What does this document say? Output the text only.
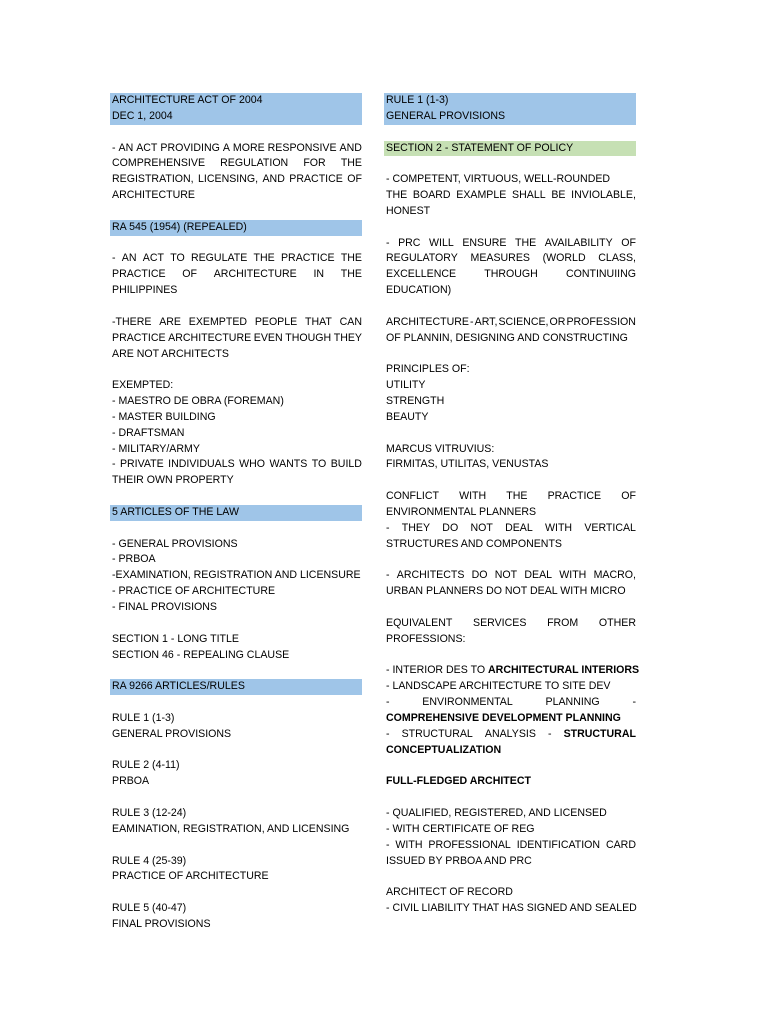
ARCHITECTURE ACT OF 2004
DEC 1, 2004
- AN ACT PROVIDING A MORE RESPONSIVE AND
COMPREHENSIVE REGULATION FOR THE
REGISTRATION, LICENSING, AND PRACTICE OF
ARCHITECTURE
RA 545 (1954) (REPEALED)
- AN ACT TO REGULATE THE PRACTICE THE
PRACTICE OF ARCHITECTURE IN THE
PHILIPPINES
-THERE ARE EXEMPTED PEOPLE THAT CAN
PRACTICE ARCHITECTURE EVEN THOUGH THEY
ARE NOT ARCHITECTS
EXEMPTED:
- MAESTRO DE OBRA (FOREMAN)
- MASTER BUILDING
- DRAFTSMAN
- MILITARY/ARMY
- PRIVATE INDIVIDUALS WHO WANTS TO BUILD
THEIR OWN PROPERTY
5 ARTICLES OF THE LAW
- GENERAL PROVISIONS
- PRBOA
-EXAMINATION, REGISTRATION AND LICENSURE
- PRACTICE OF ARCHITECTURE
- FINAL PROVISIONS
SECTION 1 - LONG TITLE
SECTION 46 - REPEALING CLAUSE
RA 9266 ARTICLES/RULES
RULE 1 (1-3)
GENERAL PROVISIONS
RULE 2 (4-11)
PRBOA
RULE 3 (12-24)
EAMINATION, REGISTRATION, AND LICENSING
RULE 4 (25-39)
PRACTICE OF ARCHITECTURE
RULE 5 (40-47)
FINAL PROVISIONS
RULE 1 (1-3)
GENERAL PROVISIONS
SECTION 2 - STATEMENT OF POLICY
- COMPETENT, VIRTUOUS, WELL-ROUNDED
THE BOARD EXAMPLE SHALL BE INVIOLABLE,
HONEST
- PRC WILL ENSURE THE AVAILABILITY OF
REGULATORY MEASURES (WORLD CLASS,
EXCELLENCE	THROUGH	CONTINUIING
EDUCATION)
ARCHITECTURE - ART, SCIENCE, OR PROFESSION
OF PLANNIN, DESIGNING AND CONSTRUCTING
PRINCIPLES OF:
UTILITY
STRENGTH
BEAUTY
MARCUS VITRUVIUS:
FIRMITAS, UTILITAS, VENUSTAS
CONFLICT WITH THE PRACTICE OF
ENVIRONMENTAL PLANNERS
- THEY DO NOT DEAL WITH VERTICAL
STRUCTURES AND COMPONENTS
- ARCHITECTS DO NOT DEAL WITH MACRO,
URBAN PLANNERS DO NOT DEAL WITH MICRO
EQUIVALENT SERVICES FROM OTHER
PROFESSIONS:
- INTERIOR DES TO ARCHITECTURAL INTERIORS
- LANDSCAPE ARCHITECTURE TO SITE DEV
-	ENVIRONMENTAL	PLANNING	-
COMPREHENSIVE DEVELOPMENT PLANNING
- STRUCTURAL ANALYSIS - STRUCTURAL
CONCEPTUALIZATION
FULL-FLEDGED ARCHITECT
- QUALIFIED, REGISTERED, AND LICENSED
- WITH CERTIFICATE OF REG
- WITH PROFESSIONAL IDENTIFICATION CARD
ISSUED BY PRBOA AND PRC
ARCHITECT OF RECORD
- CIVIL LIABILITY THAT HAS SIGNED AND SEALED
